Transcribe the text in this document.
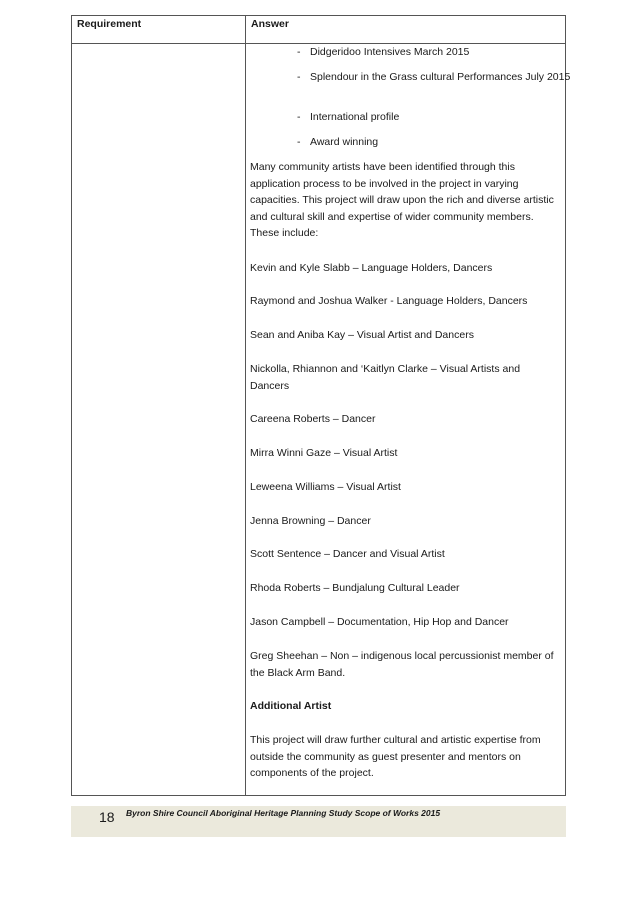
Requirement	Answer
- Didgeridoo Intensives March 2015
- Splendour in the Grass cultural Performances July 2015
- International profile
- Award winning
Many community artists have been identified through this application process to be involved in the project in varying capacities. This project will draw upon the rich and diverse artistic and cultural skill and expertise of wider community members. These include:
Kevin and Kyle Slabb – Language Holders, Dancers
Raymond and Joshua Walker - Language Holders, Dancers
Sean and Aniba Kay – Visual Artist and Dancers
Nickolla, Rhiannon and ‘Kaitlyn Clarke – Visual Artists and Dancers
Careena Roberts – Dancer
Mirra Winni Gaze – Visual Artist
Leweena Williams – Visual Artist
Jenna Browning – Dancer
Scott Sentence – Dancer and Visual Artist
Rhoda Roberts – Bundjalung Cultural Leader
Jason Campbell – Documentation, Hip Hop and Dancer
Greg Sheehan – Non – indigenous local percussionist member of the Black Arm Band.
Additional Artist
This project will draw further cultural and artistic expertise from outside the community as guest presenter and mentors on components of the project.
18 Byron Shire Council Aboriginal Heritage Planning Study Scope of Works 2015
